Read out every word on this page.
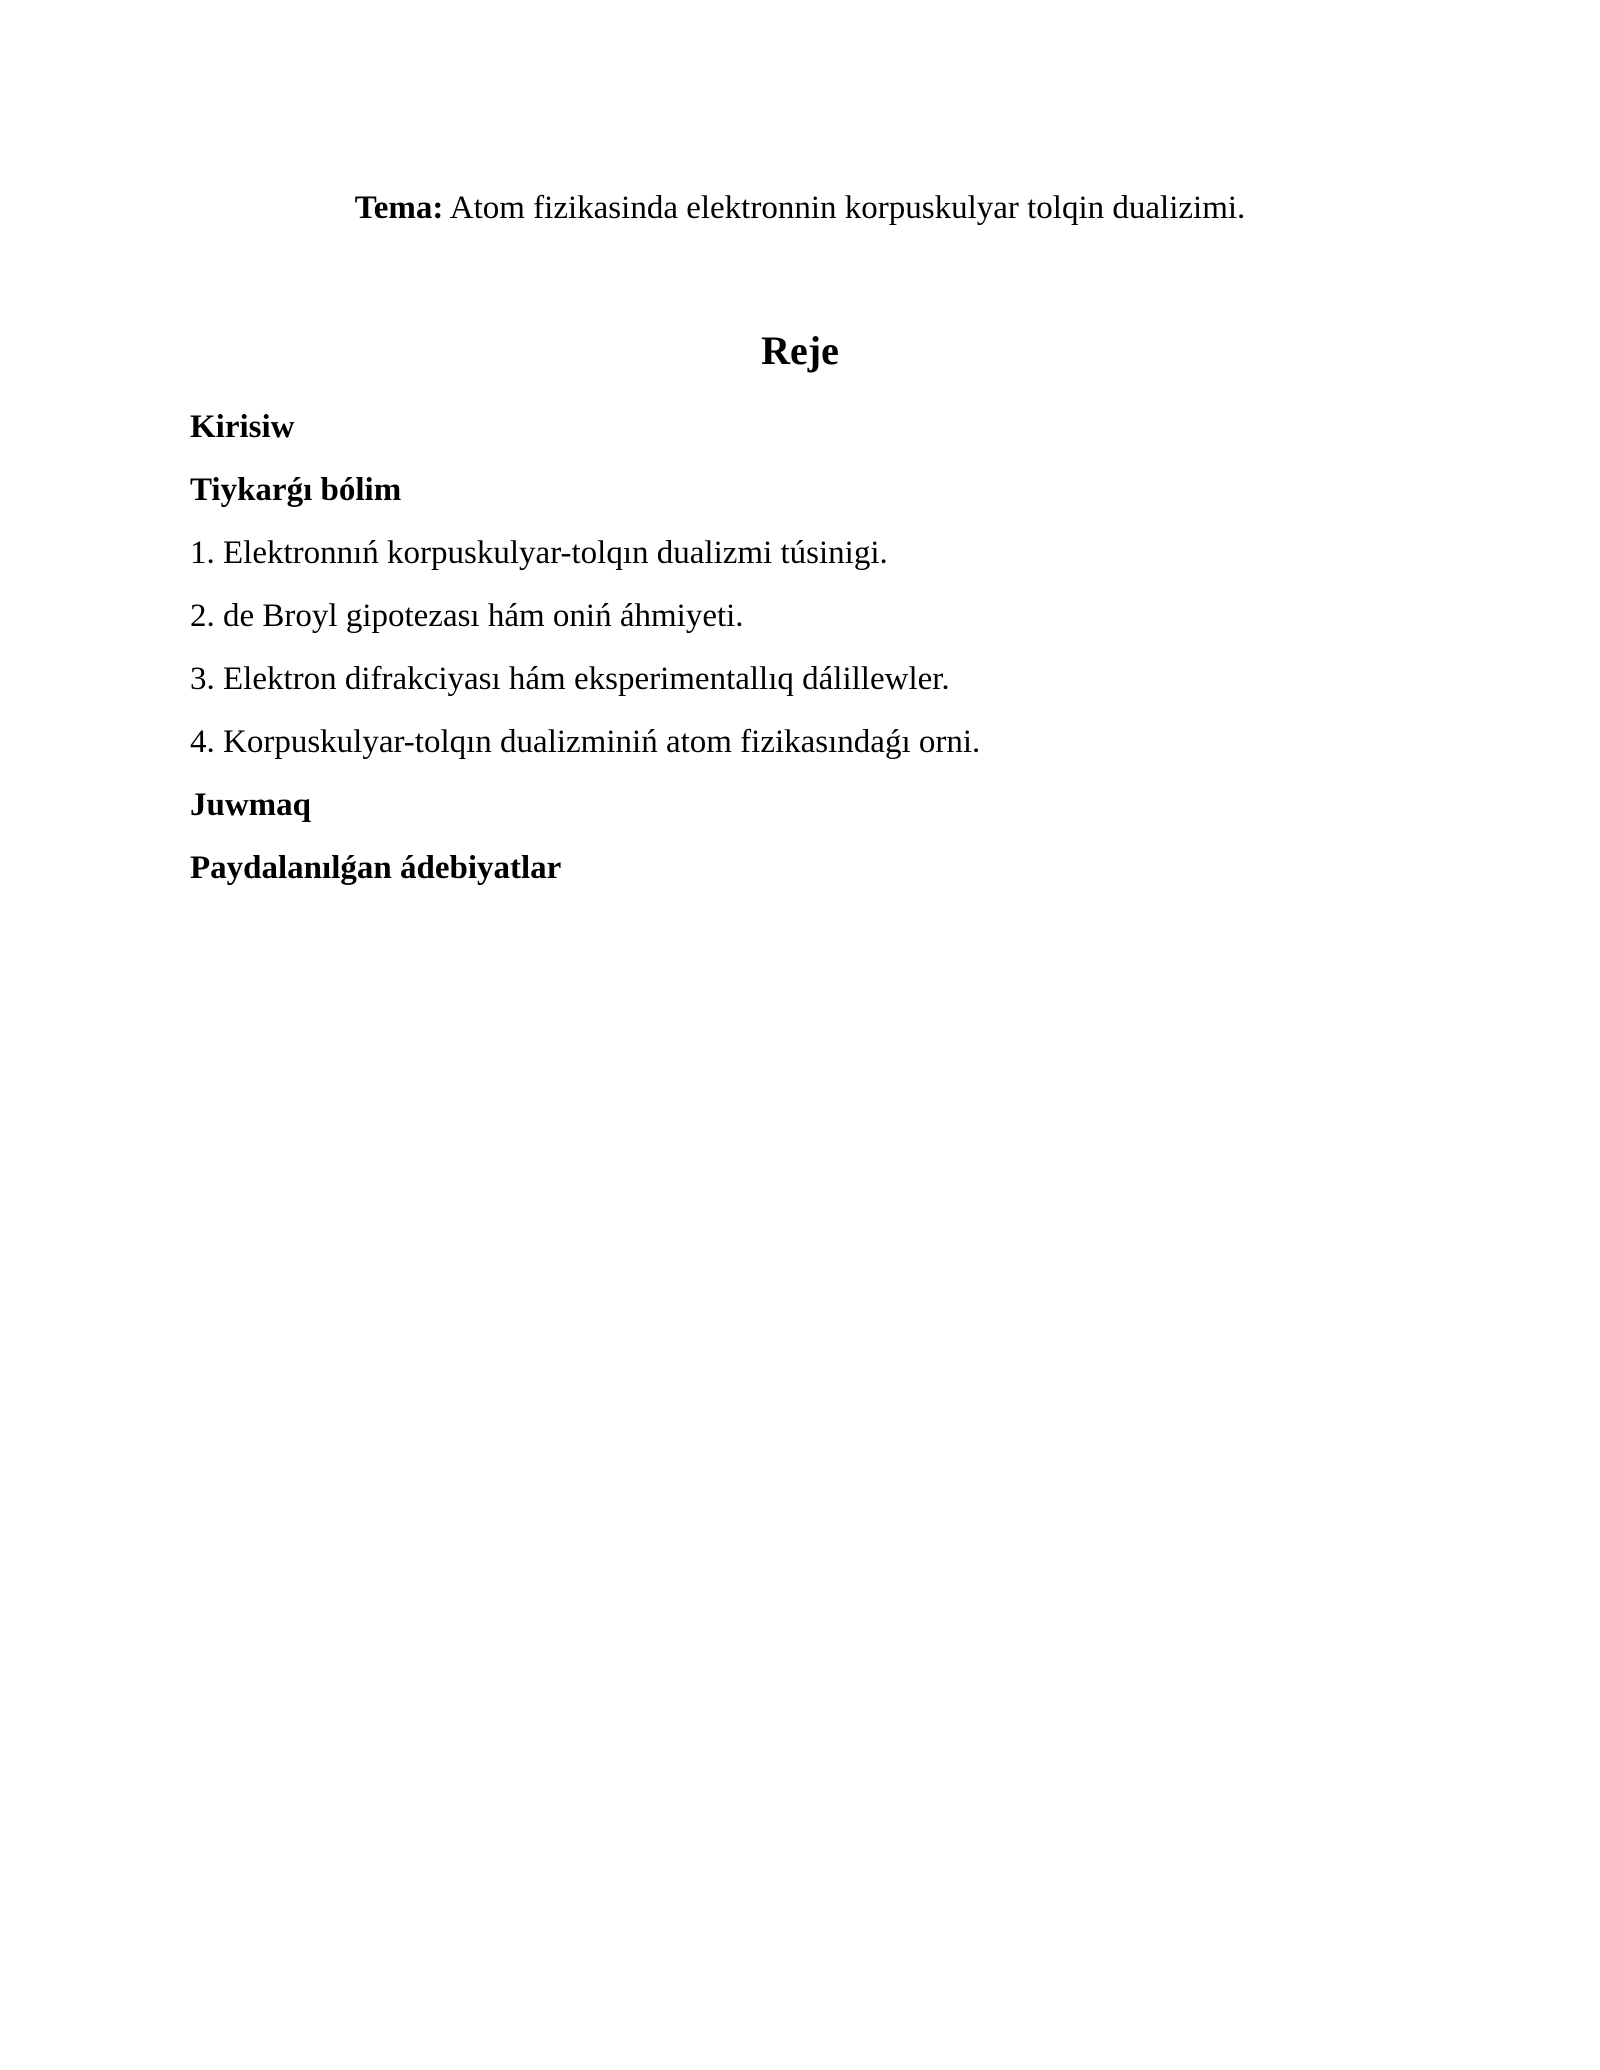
Tema: Atom fizikasinda elektronnin korpuskulyar tolqin dualizimi.
Reje
Kirisiw
Tiykarǵı bólim
1. Elektronnıń korpuskulyar-tolqın dualizmi túsinigi.
2. de Broyl gipotezası hám oniń áhmiyeti.
3. Elektron difrakciyası hám eksperimentallıq dálillewler.
4. Korpuskulyar-tolqın dualizminiń atom fizikasındaǵı orni.
Juwmaq
Paydalanılǵan ádebiyatlar
